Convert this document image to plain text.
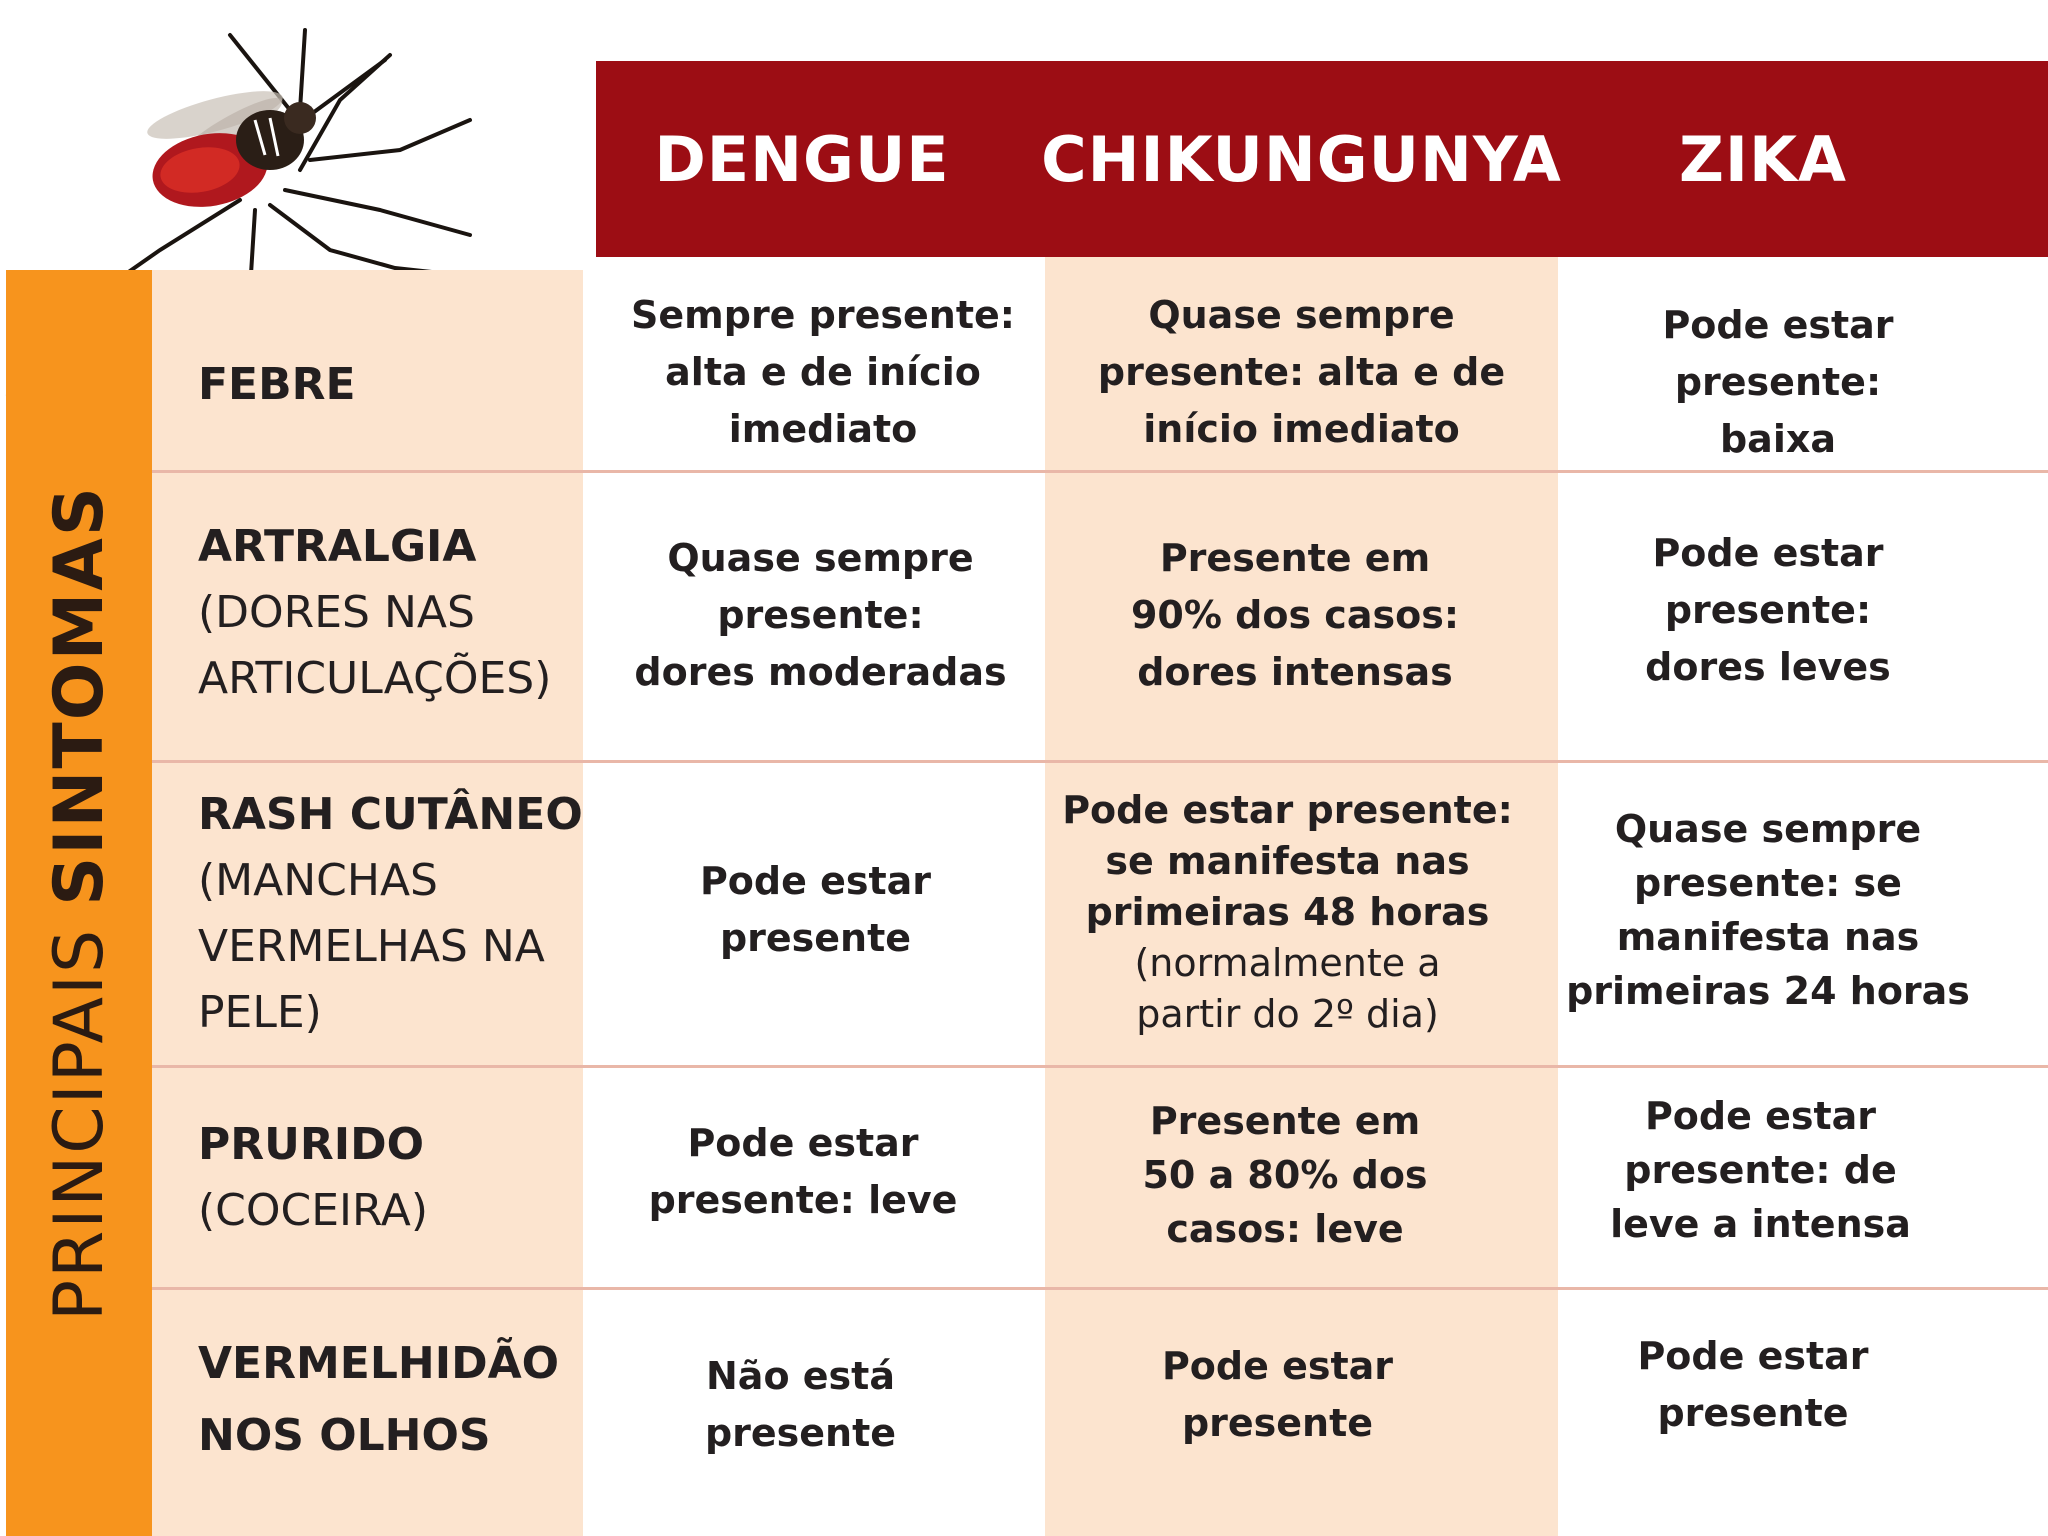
PRINCIPAIS
SINTOMAS
DENGUE	CHIKUNGUNYA	ZIKA
FEBRE
Sempre presente:
alta e de início
imediato
Quase sempre
presente: alta e de
início imediato
Pode estar
presente:
baixa
ARTRALGIA
(DORES NAS
ARTICULAÇÕES)
Quase sempre
presente:
dores moderadas
Presente em
90% dos casos:
dores intensas
Pode estar
presente:
dores leves
RASH CUTÂNEO
(MANCHAS
VERMELHAS NA
PELE)
Pode estar
presente
Pode estar presente:
se manifesta nas
primeiras 48 horas
(normalmente a
partir do 2º dia)
Quase sempre
presente: se
manifesta nas
primeiras 24 horas
PRURIDO
(COCEIRA)
Pode estar
presente: leve
Presente em
50 a 80% dos
casos: leve
Pode estar
presente: de
leve a intensa
VERMELHIDÃO
NOS OLHOS
Não está
presente
Pode estar
presente
Pode estar
presente
